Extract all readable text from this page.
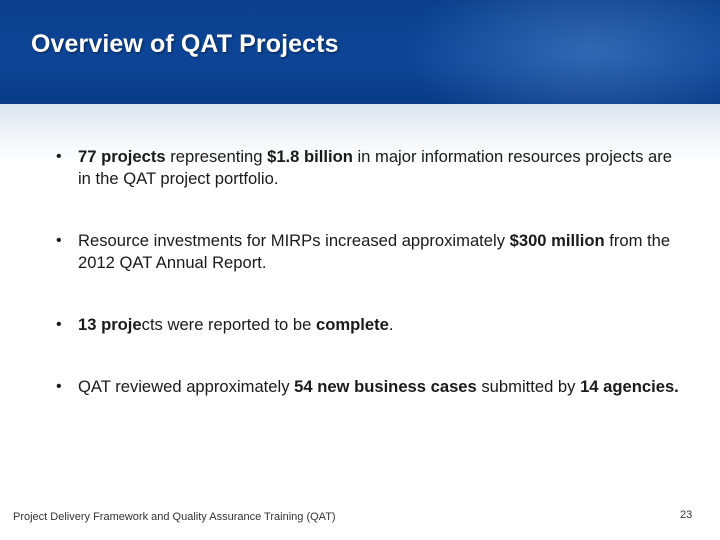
Overview of QAT Projects
• 77 projects representing $1.8 billion in major information resources projects are in the QAT project portfolio.
• Resource investments for MIRPs increased approximately $300 million from the 2012 QAT Annual Report.
• 13 projects were reported to be complete.
• QAT reviewed approximately 54 new business cases submitted by 14 agencies.
Project Delivery Framework and Quality Assurance Training (QAT)	23
